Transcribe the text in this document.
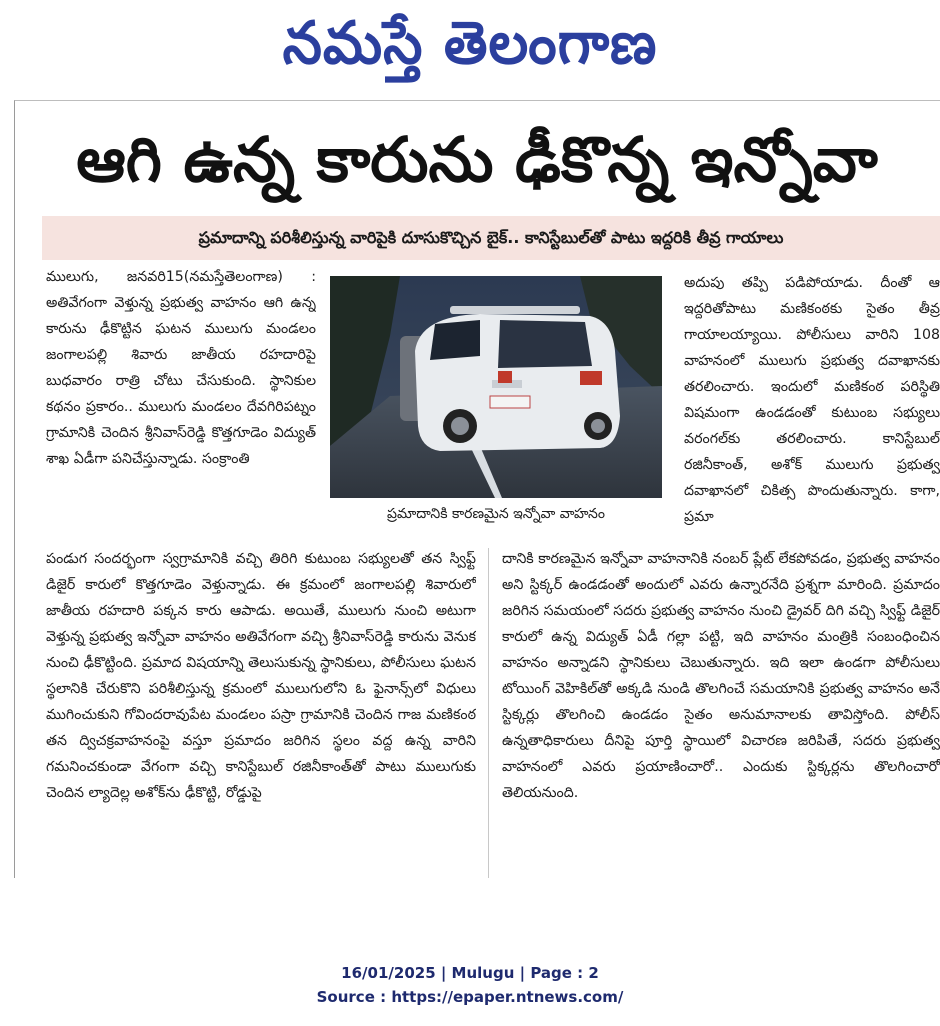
నమస్తే తెలంగాణ
ఆగి ఉన్న కారును ఢీకొన్న ఇన్నోవా
ప్రమాదాన్ని పరిశీలిస్తున్న వారిపైకి దూసుకొచ్చిన బైక్.. కానిస్టేబుల్‌తో పాటు ఇద్దరికి తీవ్ర గాయాలు

ములుగు, జనవరి15(నమస్తేతెలంగాణ) : అతివేగంగా వెళ్తున్న ప్రభుత్వ వాహనం ఆగి ఉన్న కారును ఢీకొట్టిన ఘటన ములుగు మండలం జంగాలపల్లి శివారు జాతీయ రహదారిపై బుధవారం రాత్రి చోటు చేసుకుంది. స్థానికుల కథనం ప్రకారం.. ములుగు మండలం దేవగిరిపట్నం గ్రామానికి చెందిన శ్రీనివాస్‌రెడ్డి కొత్తగూడెం విద్యుత్ శాఖ ఏడీగా పనిచేస్తున్నాడు. సంక్రాంతి

ప్రమాదానికి కారణమైన ఇన్నోవా వాహనం

అదుపు తప్పి పడిపోయాడు. దీంతో ఆ ఇద్దరితోపాటు మణికంఠకు సైతం తీవ్ర గాయాలయ్యాయి. పోలీసులు వారిని 108 వాహనంలో ములుగు ప్రభుత్వ దవాఖానకు తరలించారు. ఇందులో మణికంఠ పరిస్థితి విషమంగా ఉండడంతో కుటుంబ సభ్యులు వరంగల్‌కు తరలించారు. కానిస్టేబుల్ రజినీకాంత్, అశోక్ ములుగు ప్రభుత్వ దవాఖానలో చికిత్స పొందుతున్నారు. కాగా, ప్రమా

పండుగ సందర్భంగా స్వగ్రామానికి వచ్చి తిరిగి కుటుంబ సభ్యులతో తన స్విఫ్ట్ డిజైర్ కారులో కొత్తగూడెం వెళ్తున్నాడు. ఈ క్రమంలో జంగాలపల్లి శివారులో జాతీయ రహదారి పక్కన కారు ఆపాడు. అయితే, ములుగు నుంచి అటుగా వెళ్తున్న ప్రభుత్వ ఇన్నోవా వాహనం అతివేగంగా వచ్చి శ్రీనివాస్‌రెడ్డి కారును వెనుక నుంచి ఢీకొట్టింది. ప్రమాద విషయాన్ని తెలుసుకున్న స్థానికులు, పోలీసులు ఘటన స్థలానికి చేరుకొని పరిశీలిస్తున్న క్రమంలో ములుగులోని ఓ ఫైనాన్స్‌లో విధులు ముగించుకుని గోవిందరావుపేట మండలం పస్రా గ్రామానికి చెందిన గాజ మణికంఠ తన ద్విచక్రవాహనంపై వస్తూ ప్రమాదం జరిగిన స్థలం వద్ద ఉన్న వారిని గమనించకుండా వేగంగా వచ్చి కానిస్టేబుల్ రజినీకాంత్‌తో పాటు ములుగుకు చెందిన ల్యాదెల్ల అశోక్‌ను ఢీకొట్టి, రోడ్డుపై

దానికి కారణమైన ఇన్నోవా వాహనానికి నంబర్ ప్లేట్ లేకపోవడం, ప్రభుత్వ వాహనం అని స్టిక్కర్ ఉండడంతో అందులో ఎవరు ఉన్నారనేది ప్రశ్నగా మారింది. ప్రమాదం జరిగిన సమయంలో సదరు ప్రభుత్వ వాహనం నుంచి డ్రైవర్ దిగి వచ్చి స్విఫ్ట్ డిజైర్ కారులో ఉన్న విద్యుత్ ఏడీ గల్లా పట్టి, ఇది వాహనం మంత్రికి సంబంధించిన వాహనం అన్నాడని స్థానికులు చెబుతున్నారు. ఇది ఇలా ఉండగా పోలీసులు టోయింగ్ వెహికిల్‌తో అక్కడి నుండి తొలగించే సమయానికి ప్రభుత్వ వాహనం అనే స్టిక్కర్లు తొలగించి ఉండడం సైతం అనుమానాలకు తావిస్తోంది. పోలీస్ ఉన్నతాధికారులు దీనిపై పూర్తి స్థాయిలో విచారణ జరిపితే, సదరు ప్రభుత్వ వాహనంలో ఎవరు ప్రయాణించారో.. ఎందుకు స్టిక్కర్లను తొలగించారో తెలియనుంది.

16/01/2025 | Mulugu | Page : 2
Source : https://epaper.ntnews.com/
